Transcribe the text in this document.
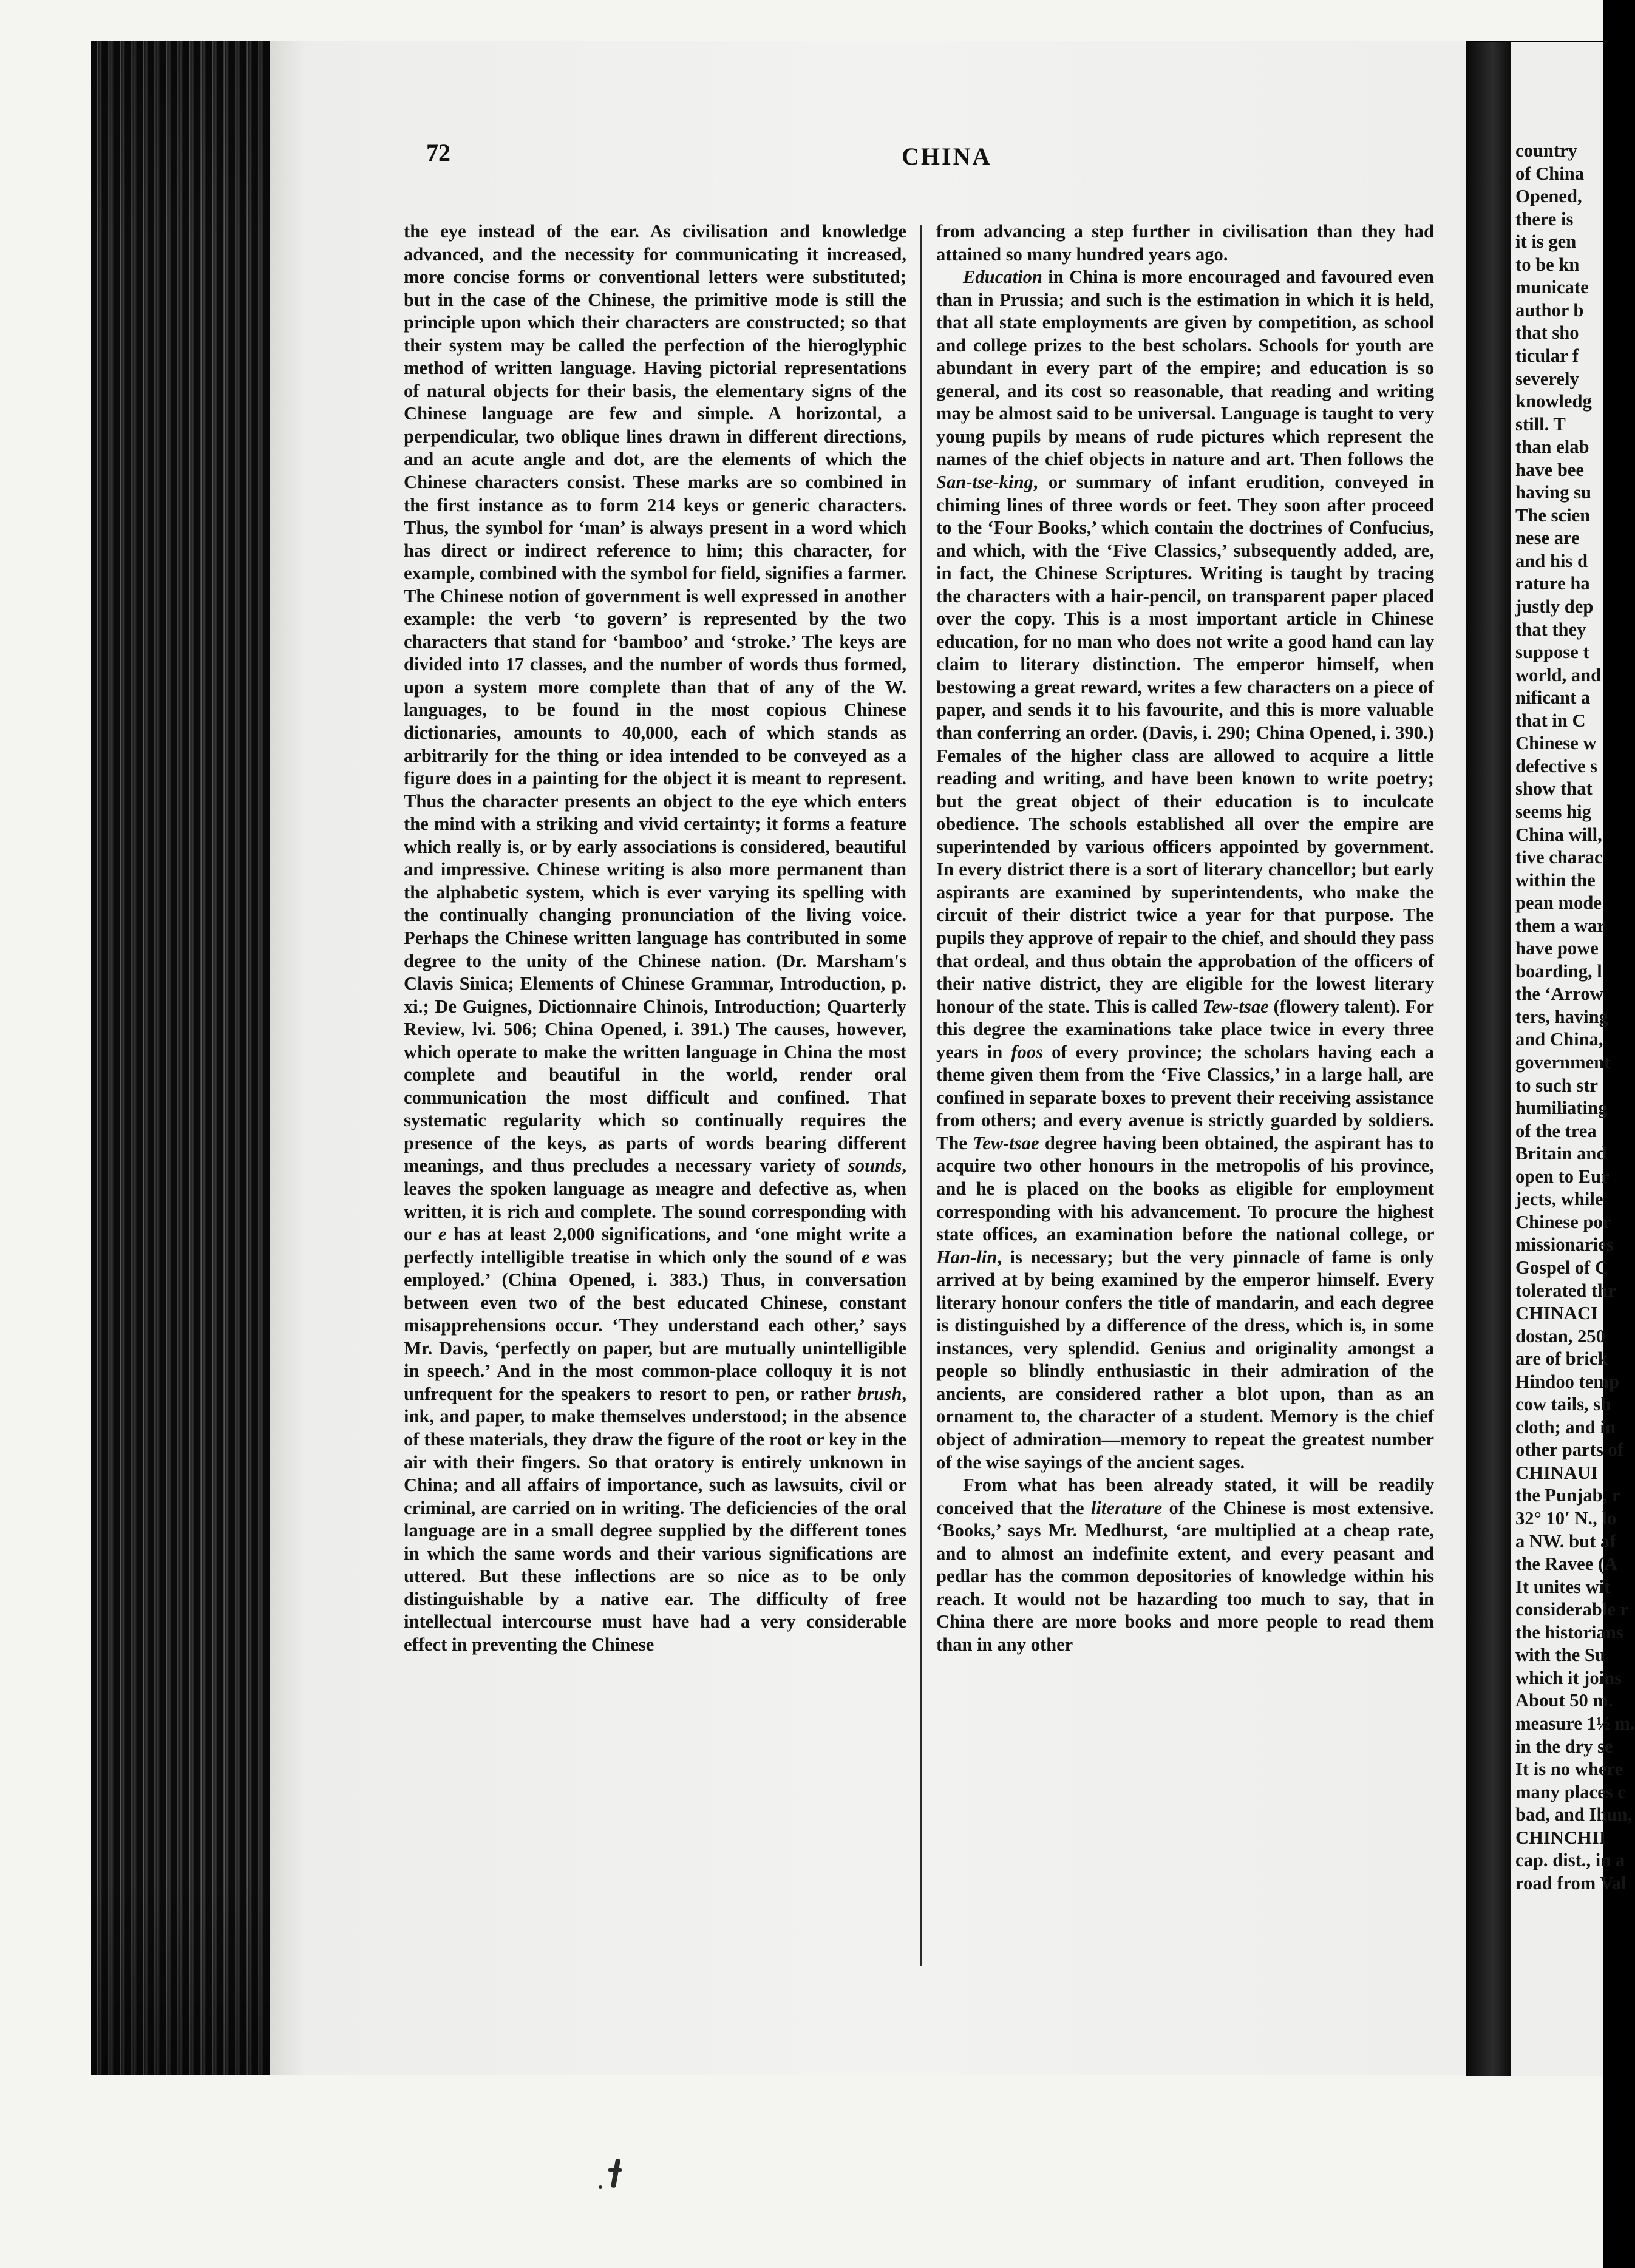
72	CHINA

the eye instead of the ear. As civilisation and knowledge advanced, and the necessity for communicating it increased, more concise forms or conventional letters were substituted; but in the case of the Chinese, the primitive mode is still the principle upon which their characters are constructed; so that their system may be called the perfection of the hieroglyphic method of written language. Having pictorial representations of natural objects for their basis, the elementary signs of the Chinese language are few and simple. A horizontal, a perpendicular, two oblique lines drawn in different directions, and an acute angle and dot, are the elements of which the Chinese characters consist. These marks are so combined in the first instance as to form 214 keys or generic characters. Thus, the symbol for ‘man’ is always present in a word which has direct or indirect reference to him; this character, for example, combined with the symbol for field, signifies a farmer. The Chinese notion of government is well expressed in another example: the verb ‘to govern’ is represented by the two characters that stand for ‘bamboo’ and ‘stroke.’ The keys are divided into 17 classes, and the number of words thus formed, upon a system more complete than that of any of the W. languages, to be found in the most copious Chinese dictionaries, amounts to 40,000, each of which stands as arbitrarily for the thing or idea intended to be conveyed as a figure does in a painting for the object it is meant to represent. Thus the character presents an object to the eye which enters the mind with a striking and vivid certainty; it forms a feature which really is, or by early associations is considered, beautiful and impressive. Chinese writing is also more permanent than the alphabetic system, which is ever varying its spelling with the continually changing pronunciation of the living voice. Perhaps the Chinese written language has contributed in some degree to the unity of the Chinese nation. (Dr. Marsham's Clavis Sinica; Elements of Chinese Grammar, Introduction, p. xi.; De Guignes, Dictionnaire Chinois, Introduction; Quarterly Review, lvi. 506; China Opened, i. 391.) The causes, however, which operate to make the written language in China the most complete and beautiful in the world, render oral communication the most difficult and confined. That systematic regularity which so continually requires the presence of the keys, as parts of words bearing different meanings, and thus precludes a necessary variety of sounds, leaves the spoken language as meagre and defective as, when written, it is rich and complete. The sound corresponding with our e has at least 2,000 significations, and ‘one might write a perfectly intelligible treatise in which only the sound of e was employed.’ (China Opened, i. 383.) Thus, in conversation between even two of the best educated Chinese, constant misapprehensions occur. ‘They understand each other,’ says Mr. Davis, ‘perfectly on paper, but are mutually unintelligible in speech.’ And in the most common-place colloquy it is not unfrequent for the speakers to resort to pen, or rather brush, ink, and paper, to make themselves understood; in the absence of these materials, they draw the figure of the root or key in the air with their fingers. So that oratory is entirely unknown in China; and all affairs of importance, such as lawsuits, civil or criminal, are carried on in writing. The deficiencies of the oral language are in a small degree supplied by the different tones in which the same words and their various significations are uttered. But these inflections are so nice as to be only distinguishable by a native ear. The difficulty of free intellectual intercourse must have had a very considerable effect in preventing the Chinese

from advancing a step further in civilisation than they had attained so many hundred years ago.

Education in China is more encouraged and favoured even than in Prussia; and such is the estimation in which it is held, that all state employments are given by competition, as school and college prizes to the best scholars. Schools for youth are abundant in every part of the empire; and education is so general, and its cost so reasonable, that reading and writing may be almost said to be universal. Language is taught to very young pupils by means of rude pictures which represent the names of the chief objects in nature and art. Then follows the San-tse-king, or summary of infant erudition, conveyed in chiming lines of three words or feet. They soon after proceed to the ‘Four Books,’ which contain the doctrines of Confucius, and which, with the ‘Five Classics,’ subsequently added, are, in fact, the Chinese Scriptures. Writing is taught by tracing the characters with a hair-pencil, on transparent paper placed over the copy. This is a most important article in Chinese education, for no man who does not write a good hand can lay claim to literary distinction. The emperor himself, when bestowing a great reward, writes a few characters on a piece of paper, and sends it to his favourite, and this is more valuable than conferring an order. (Davis, i. 290; China Opened, i. 390.) Females of the higher class are allowed to acquire a little reading and writing, and have been known to write poetry; but the great object of their education is to inculcate obedience. The schools established all over the empire are superintended by various officers appointed by government. In every district there is a sort of literary chancellor; but early aspirants are examined by superintendents, who make the circuit of their district twice a year for that purpose. The pupils they approve of repair to the chief, and should they pass that ordeal, and thus obtain the approbation of the officers of their native district, they are eligible for the lowest literary honour of the state. This is called Tew-tsae (flowery talent). For this degree the examinations take place twice in every three years in foos of every province; the scholars having each a theme given them from the ‘Five Classics,’ in a large hall, are confined in separate boxes to prevent their receiving assistance from others; and every avenue is strictly guarded by soldiers. The Tew-tsae degree having been obtained, the aspirant has to acquire two other honours in the metropolis of his province, and he is placed on the books as eligible for employment corresponding with his advancement. To procure the highest state offices, an examination before the national college, or Han-lin, is necessary; but the very pinnacle of fame is only arrived at by being examined by the emperor himself. Every literary honour confers the title of mandarin, and each degree is distinguished by a difference of the dress, which is, in some instances, very splendid. Genius and originality amongst a people so blindly enthusiastic in their admiration of the ancients, are considered rather a blot upon, than as an ornament to, the character of a student. Memory is the chief object of admiration—memory to repeat the greatest number of the wise sayings of the ancient sages.

From what has been already stated, it will be readily conceived that the literature of the Chinese is most extensive. ‘Books,’ says Mr. Medhurst, ‘are multiplied at a cheap rate, and to almost an indefinite extent, and every peasant and pedlar has the common depositories of knowledge within his reach. It would not be hazarding too much to say, that in China there are more books and more people to read them than in any other

country
of China
Opened,
there is
it is gen
to be kn
municate
author b
that sho
ticular f
severely
knowledg
still. T
than elab
have bee
having su
The scien
nese are
and his d
rature ha
justly dep
that they
suppose t
world, and
nificant a
that in C
Chinese w
defective s
show that
seems hig
China will,
tive charac
within the
pean mode
them a war
have powe
boarding, l
the ‘Arrow
ters, having
and China,
government
to such str
humiliating
of the trea
Britain and
open to Eur
jects, while
Chinese por
missionaries
Gospel of C
tolerated thr
CHINACI
dostan, 250
are of brick
Hindoo temp
cow tails, sh
cloth; and in
other parts of
CHINAUI
the Punjab, r
32° 10′ N., lo
a NW. but af
the Ravee (A
It unites wit
considerable r
the historians
with the Su
which it joins
About 50 m.
measure 1½ m.
in the dry se
It is no where
many places c
bad, and Ihun,
CHINCHII
cap. dist., in a
road from Val
